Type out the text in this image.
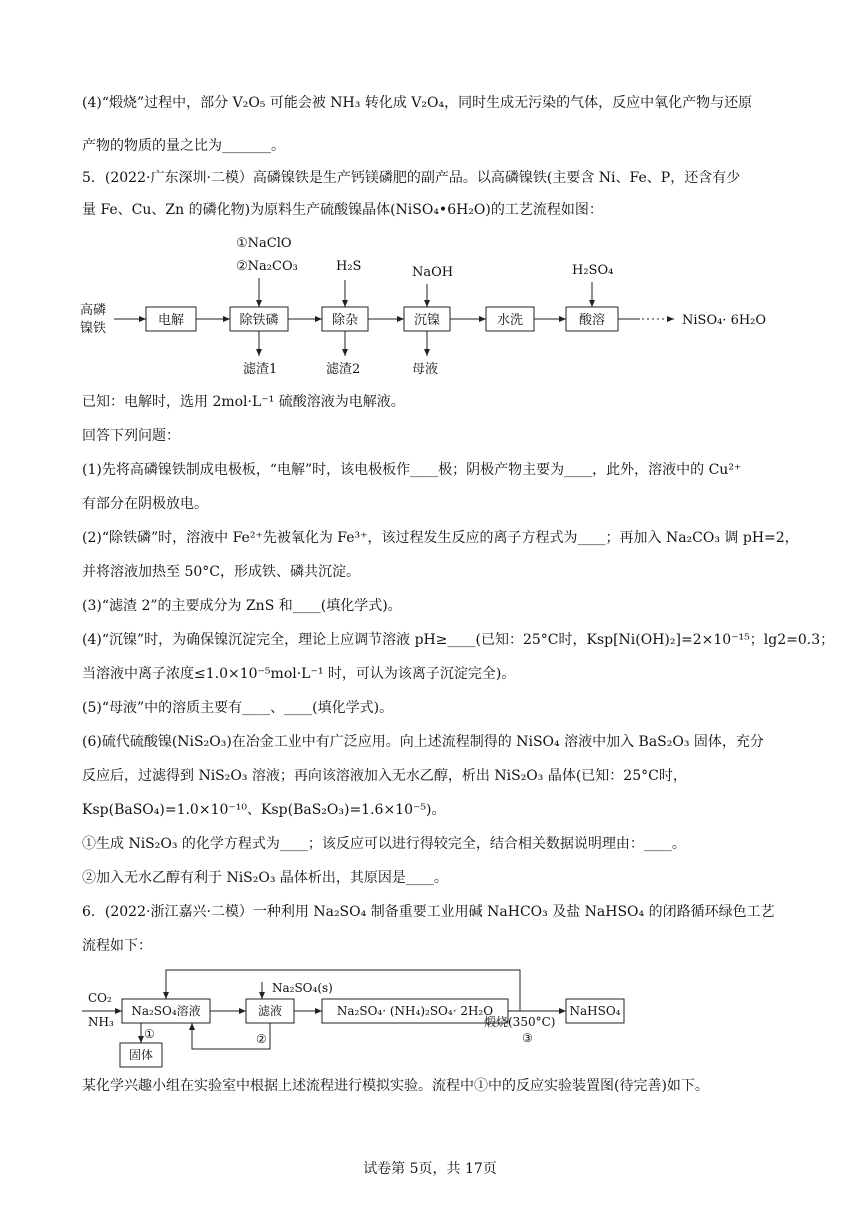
(4)“煅烧”过程中，部分 V₂O₅ 可能会被 NH₃ 转化成 V₂O₄，同时生成无污染的气体，反应中氧化产物与还原
产物的物质的量之比为_______。
5．(2022·广东深圳·二模）高磷镍铁是生产钙镁磷肥的副产品。以高磷镍铁(主要含 Ni、Fe、P，还含有少
量 Fe、Cu、Zn 的磷化物)为原料生产硫酸镍晶体(NiSO₄•6H₂O)的工艺流程如图：
高磷
镍铁
电解	除铁磷	除杂	沉镍	水洗	酸溶
①NaClO
②Na₂CO₃	H₂S	NaOH	H₂SO₄
滤渣1	滤渣2	母液
NiSO₄· 6H₂O
已知：电解时，选用 2mol·L⁻¹ 硫酸溶液为电解液。
回答下列问题：
(1)先将高磷镍铁制成电极板，“电解”时，该电极板作____极；阴极产物主要为____，此外，溶液中的 Cu²⁺
有部分在阴极放电。
(2)“除铁磷”时，溶液中 Fe²⁺先被氧化为 Fe³⁺，该过程发生反应的离子方程式为____；再加入 Na₂CO₃ 调 pH=2，
并将溶液加热至 50°C，形成铁、磷共沉淀。
(3)“滤渣 2”的主要成分为 ZnS 和____(填化学式)。
(4)“沉镍”时，为确保镍沉淀完全，理论上应调节溶液 pH≥____(已知：25°C时，Ksp[Ni(OH)₂]=2×10⁻¹⁵；lg2=0.3；
当溶液中离子浓度≤1.0×10⁻⁵mol·L⁻¹ 时，可认为该离子沉淀完全)。
(5)“母液”中的溶质主要有____、____(填化学式)。
(6)硫代硫酸镍(NiS₂O₃)在冶金工业中有广泛应用。向上述流程制得的 NiSO₄ 溶液中加入 BaS₂O₃ 固体，充分
反应后，过滤得到 NiS₂O₃ 溶液；再向该溶液加入无水乙醇，析出 NiS₂O₃ 晶体(已知：25°C时，
Ksp(BaSO₄)=1.0×10⁻¹⁰、Ksp(BaS₂O₃)=1.6×10⁻⁵)。
①生成 NiS₂O₃ 的化学方程式为____；该反应可以进行得较完全，结合相关数据说明理由：____。
②加入无水乙醇有利于 NiS₂O₃ 晶体析出，其原因是____。
6．(2022·浙江嘉兴·二模）一种利用 Na₂SO₄ 制备重要工业用碱 NaHCO₃ 及盐 NaHSO₄ 的闭路循环绿色工艺
流程如下：
CO₂
NH₃
Na₂SO₄溶液	滤液	Na₂SO₄· (NH₄)₂SO₄· 2H₂O	NaHSO₄
固体
Na₂SO₄(s)
①	②
煅烧(350°C)
③
某化学兴趣小组在实验室中根据上述流程进行模拟实验。流程中①中的反应实验装置图(待完善)如下。
试卷第 5页，共 17页
